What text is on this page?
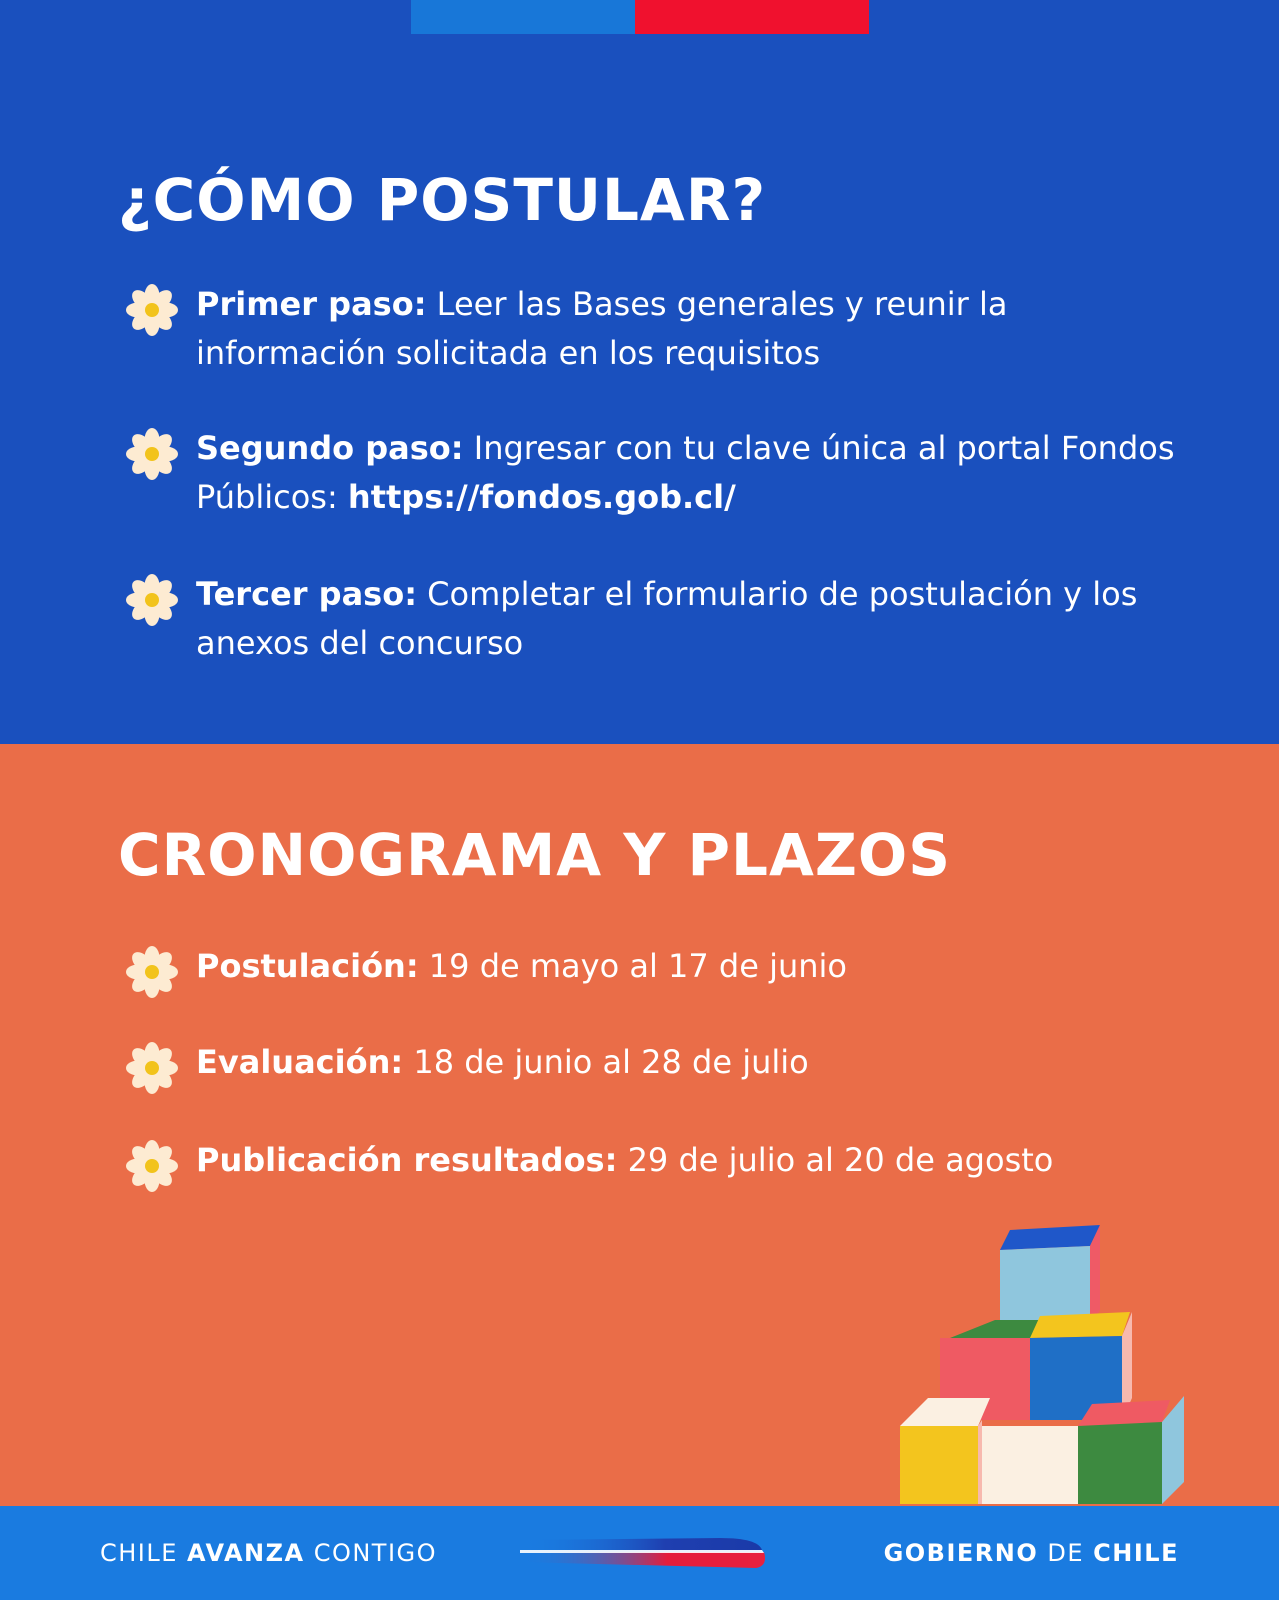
¿CÓMO POSTULAR?
Primer paso: Leer las Bases generales y reunir la información solicitada en los requisitos
Segundo paso: Ingresar con tu clave única al portal Fondos Públicos: https://fondos.gob.cl/
Tercer paso: Completar el formulario de postulación y los anexos del concurso
CRONOGRAMA Y PLAZOS
Postulación: 19 de mayo al 17 de junio
Evaluación: 18 de junio al 28 de julio
Publicación resultados: 29 de julio al 20 de agosto
CHILE AVANZA CONTIGO	GOBIERNO DE CHILE
